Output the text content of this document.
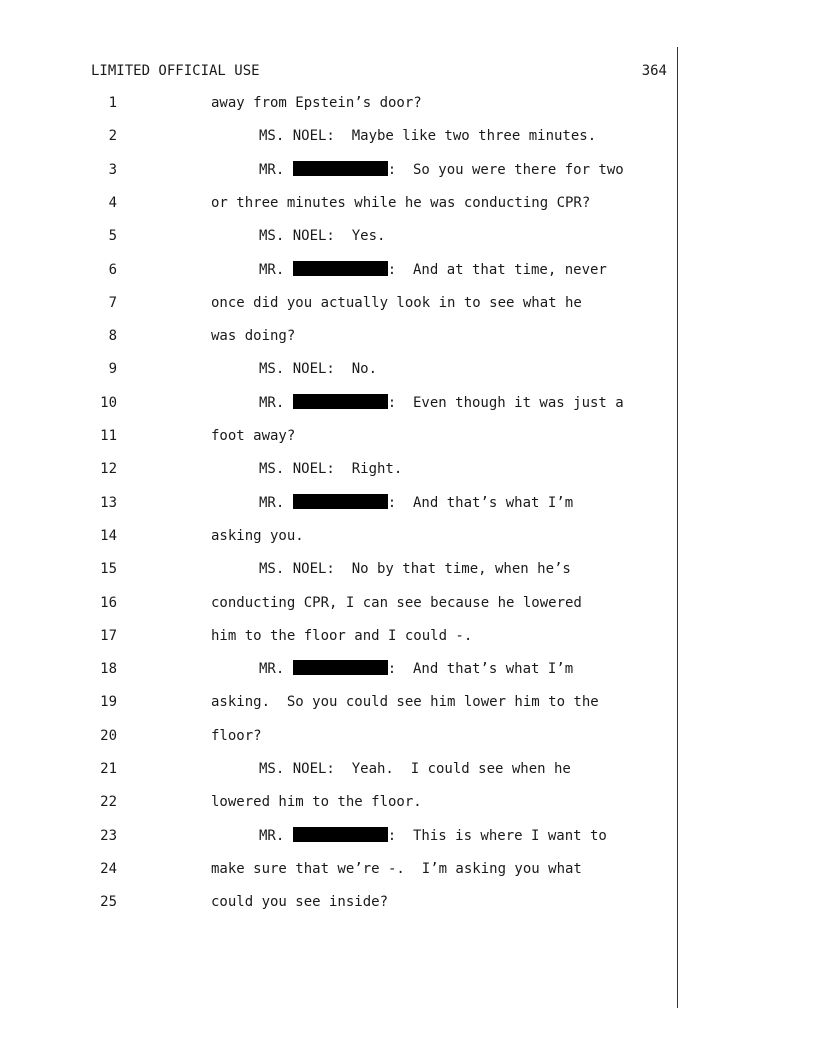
LIMITED OFFICIAL USE	364
1	away from Epstein’s door?
2	MS. NOEL:  Maybe like two three minutes.
3	MR.	:  So you were there for two
4	or three minutes while he was conducting CPR?
5	MS. NOEL:  Yes.
6	MR.	:  And at that time, never
7	once did you actually look in to see what he
8	was doing?
9	MS. NOEL:  No.
10	MR.	:  Even though it was just a
11	foot away?
12	MS. NOEL:  Right.
13	MR.	:  And that’s what I’m
14	asking you.
15	MS. NOEL:  No by that time, when he’s
16	conducting CPR, I can see because he lowered
17	him to the floor and I could -.
18	MR.	:  And that’s what I’m
19	asking.  So you could see him lower him to the
20	floor?
21	MS. NOEL:  Yeah.  I could see when he
22	lowered him to the floor.
23	MR.	:  This is where I want to
24	make sure that we’re -.  I’m asking you what
25	could you see inside?
